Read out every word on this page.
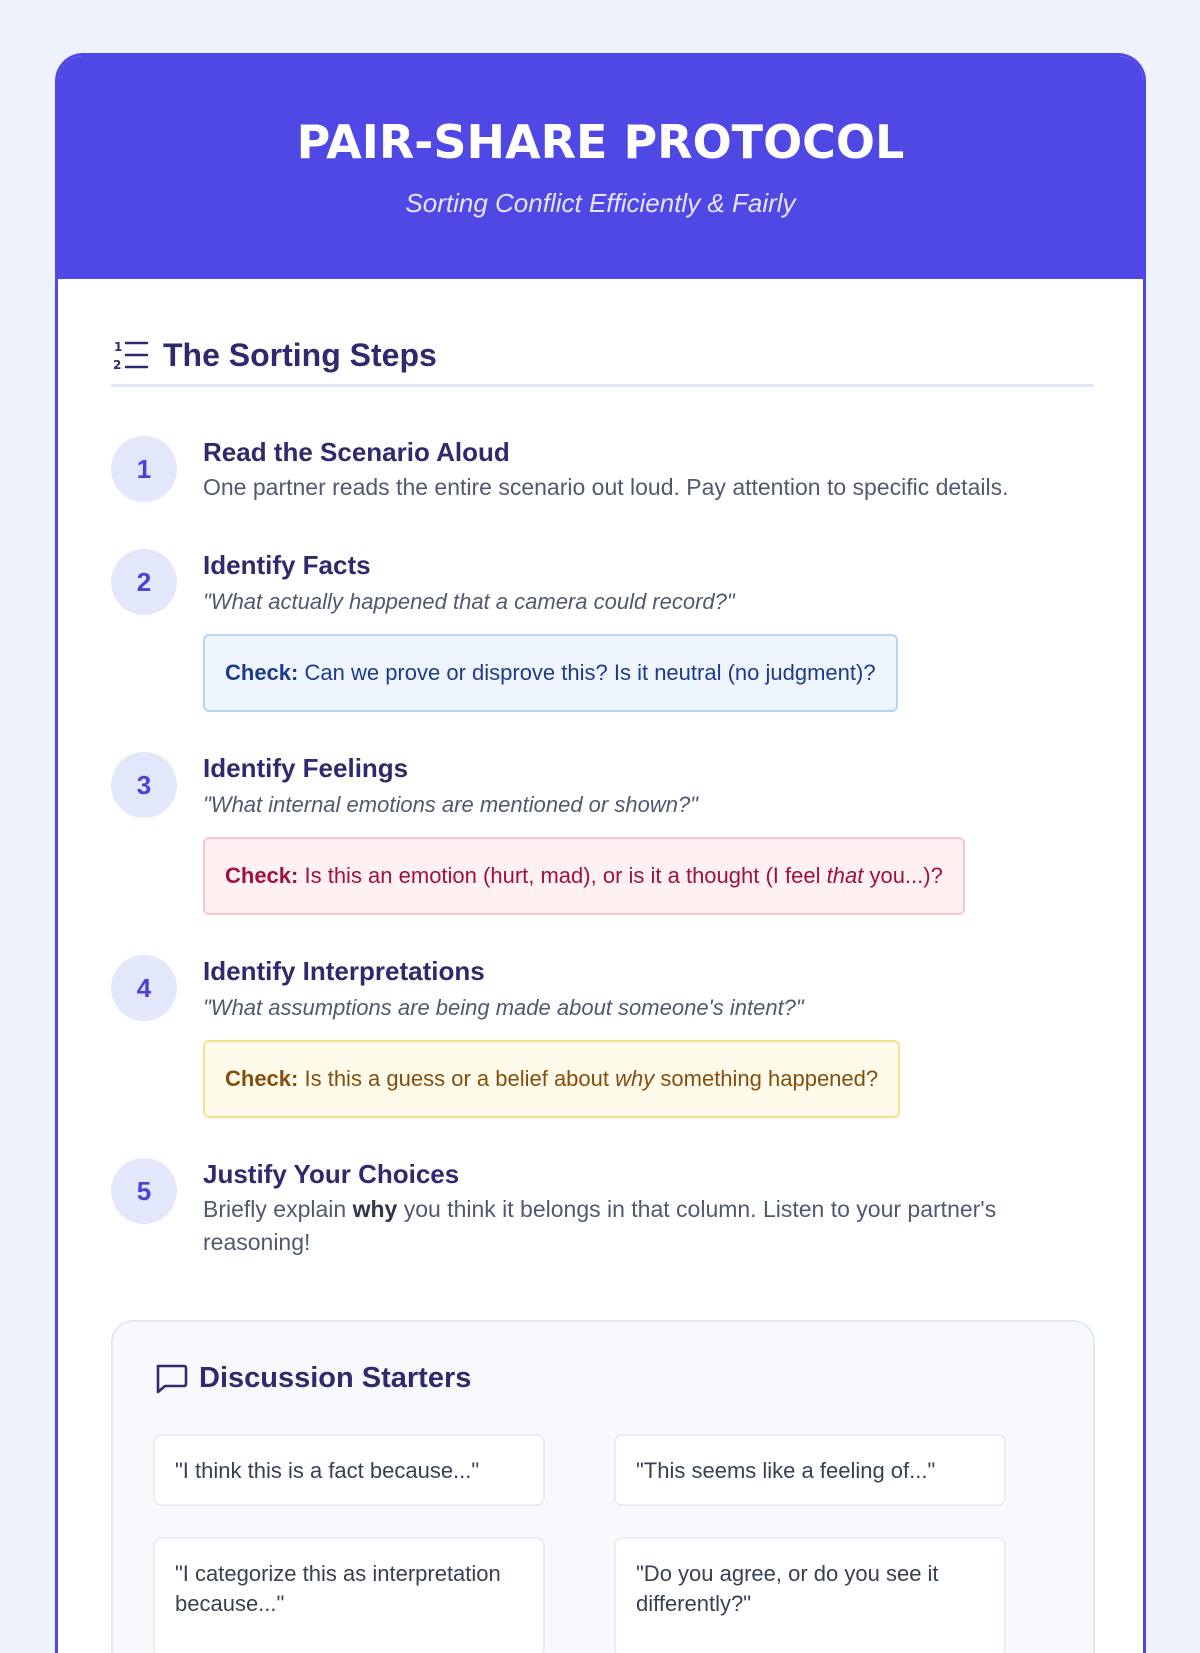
PAIR-SHARE PROTOCOL
Sorting Conflict Efficiently & Fairly
1
2 The Sorting Steps
1
Read the Scenario Aloud
One partner reads the entire scenario out loud. Pay attention to specific details.
2
Identify Facts
"What actually happened that a camera could record?"
Check: Can we prove or disprove this? Is it neutral (no judgment)?
3
Identify Feelings
"What internal emotions are mentioned or shown?"
Check: Is this an emotion (hurt, mad), or is it a thought (I feel that you...)?
4
Identify Interpretations
"What assumptions are being made about someone's intent?"
Check: Is this a guess or a belief about why something happened?
5
Justify Your Choices
Briefly explain why you think it belongs in that column. Listen to your partner's reasoning!
Discussion Starters
"I think this is a fact because..."	"This seems like a feeling of..."
"I categorize this as interpretation because..."
"Do you agree, or do you see it differently?"
